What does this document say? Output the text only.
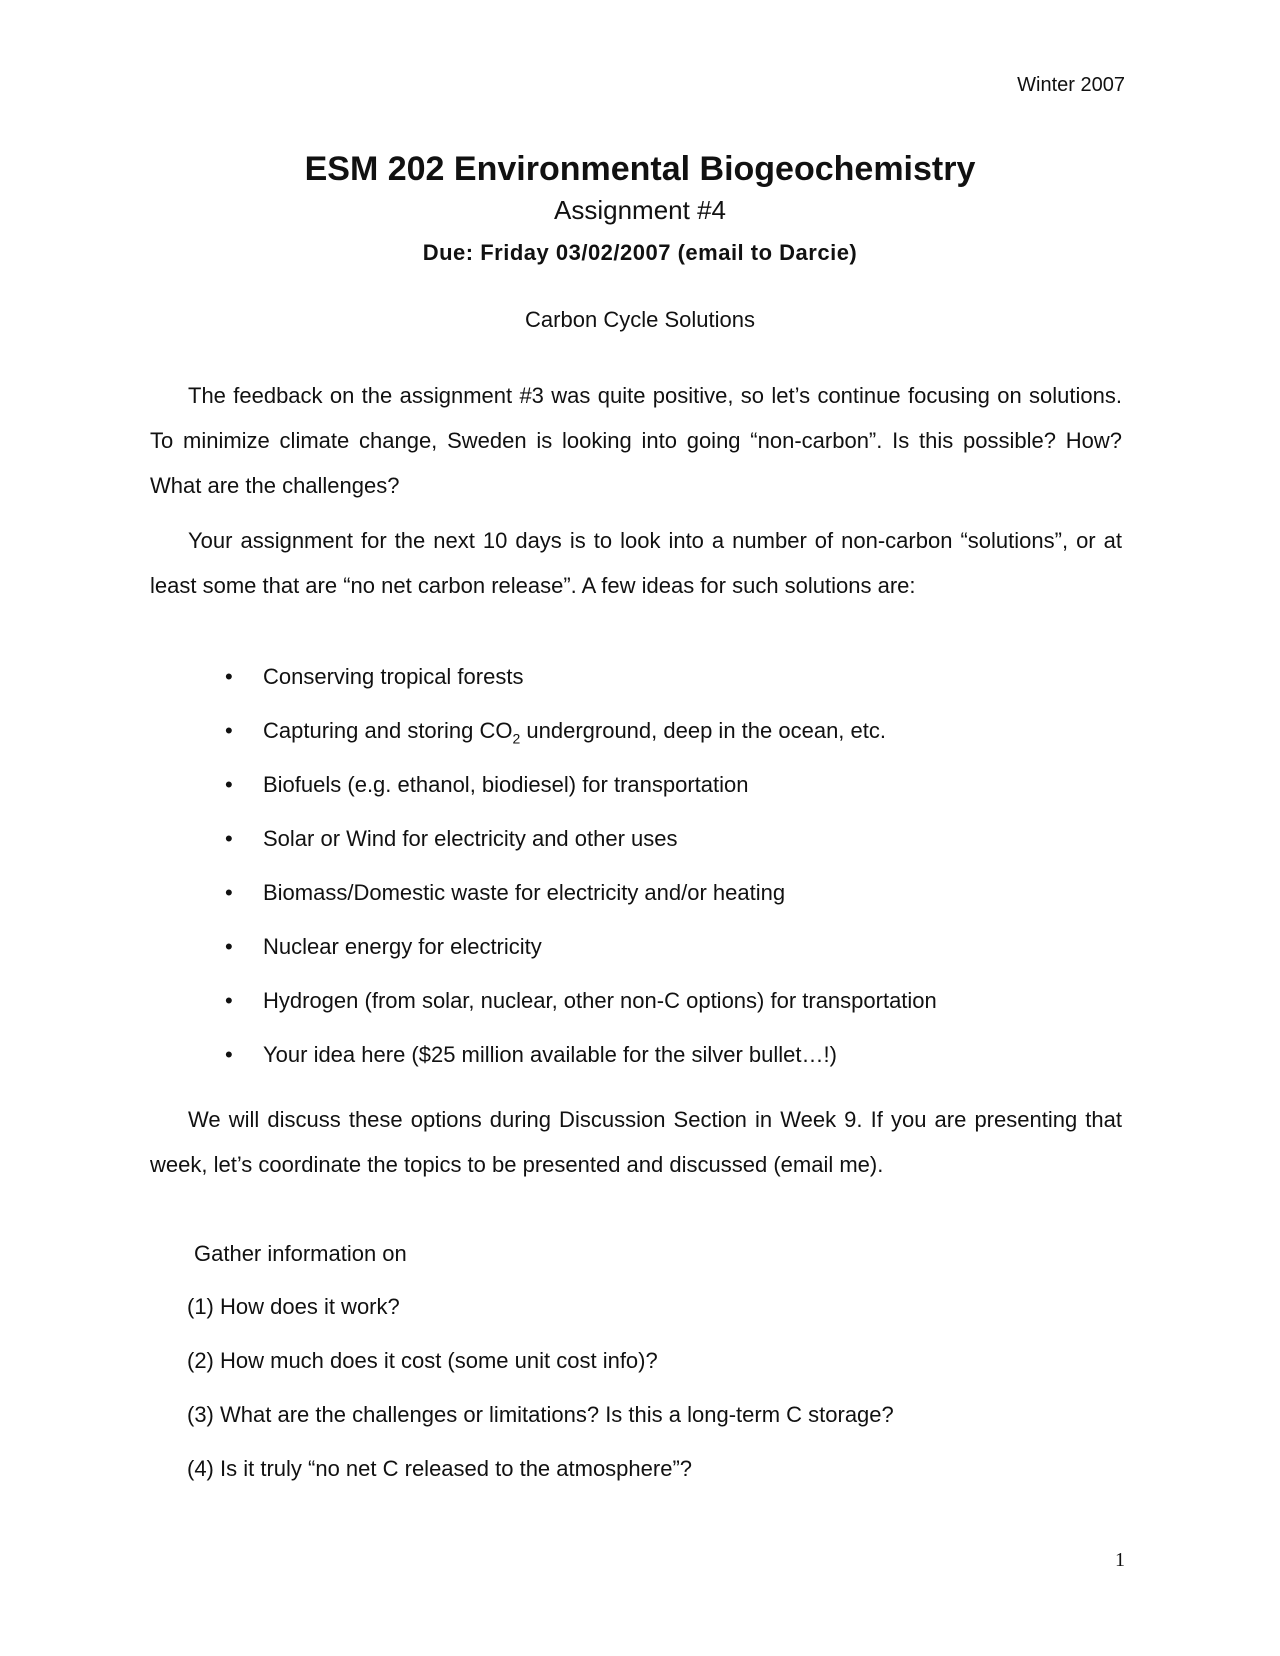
Winter 2007
ESM 202 Environmental Biogeochemistry
Assignment #4
Due: Friday 03/02/2007 (email to Darcie)
Carbon Cycle Solutions

The feedback on the assignment #3 was quite positive, so let’s continue focusing on solutions. To minimize climate change, Sweden is looking into going “non-carbon”. Is this possible? How? What are the challenges?

Your assignment for the next 10 days is to look into a number of non-carbon “solutions”, or at least some that are “no net carbon release”. A few ideas for such solutions are:

• Conserving tropical forests
• Capturing and storing $CO_2$ underground, deep in the ocean, etc.
• Biofuels (e.g. ethanol, biodiesel) for transportation
• Solar or Wind for electricity and other uses
• Biomass/Domestic waste for electricity and/or heating
• Nuclear energy for electricity
• Hydrogen (from solar, nuclear, other non-C options) for transportation
• Your idea here ($25 million available for the silver bullet…!)

We will discuss these options during Discussion Section in Week 9. If you are presenting that week, let’s coordinate the topics to be presented and discussed (email me).

Gather information on
(1) How does it work?
(2) How much does it cost (some unit cost info)?
(3) What are the challenges or limitations? Is this a long-term C storage?
(4) Is it truly “no net C released to the atmosphere”?
1
